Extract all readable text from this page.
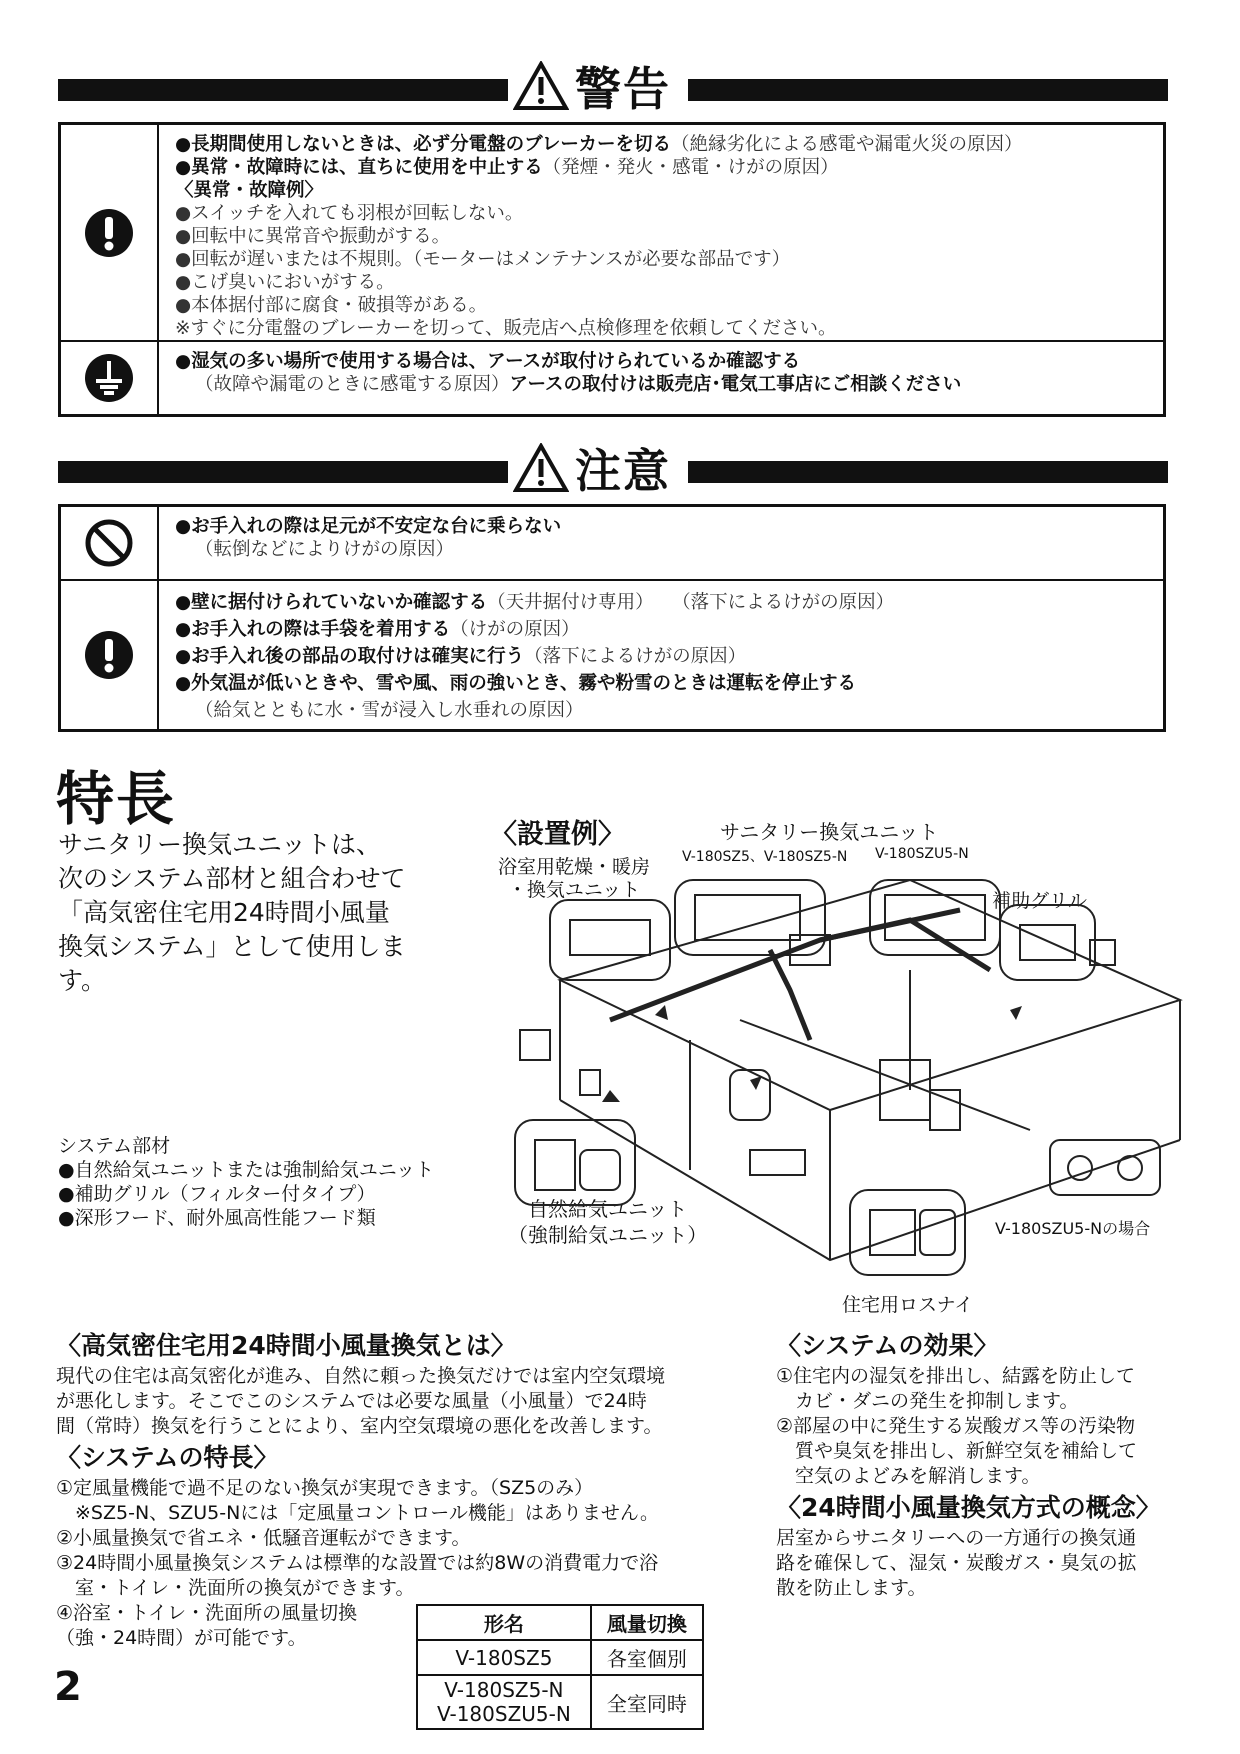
警告
●長期間使用しないときは、必ず分電盤のブレーカーを切る（絶縁劣化による感電や漏電火災の原因）
●異常・故障時には、直ちに使用を中止する（発煙・発火・感電・けがの原因）
〈異常・故障例〉
●スイッチを入れても羽根が回転しない。
●回転中に異常音や振動がする。
●回転が遅いまたは不規則。（モーターはメンテナンスが必要な部品です）
●こげ臭いにおいがする。
●本体据付部に腐食・破損等がある。
※すぐに分電盤のブレーカーを切って、販売店へ点検修理を依頼してください。
●湿気の多い場所で使用する場合は、アースが取付けられているか確認する
（故障や漏電のときに感電する原因）アースの取付けは販売店･電気工事店にご相談ください
注意
●お手入れの際は足元が不安定な台に乗らない
（転倒などによりけがの原因）
●壁に据付けられていないか確認する（天井据付け専用）　　（落下によるけがの原因）
●お手入れの際は手袋を着用する（けがの原因）
●お手入れ後の部品の取付けは確実に行う（落下によるけがの原因）
●外気温が低いときや、雪や風、雨の強いとき、霧や粉雪のときは運転を停止する
（給気とともに水・雪が浸入し水垂れの原因）
特長
サニタリー換気ユニットは、
次のシステム部材と組合わせて
「高気密住宅用24時間小風量
換気システム」として使用しま
す。
システム部材
●自然給気ユニットまたは強制給気ユニット
●補助グリル（フィルター付タイプ）
●深形フード、耐外風高性能フード類
〈設置例〉	サニタリー換気ユニット
V-180SZ5、V-180SZ5-N V-180SZU5-N
浴室用乾燥・暖房
・換気ユニット	補助グリル
自然給気ユニット
（強制給気ユニット）	V-180SZU5-Nの場合
住宅用ロスナイ
〈高気密住宅用24時間小風量換気とは〉
現代の住宅は高気密化が進み、自然に頼った換気だけでは室内空気環境
が悪化します。そこでこのシステムでは必要な風量（小風量）で24時
間（常時）換気を行うことにより、室内空気環境の悪化を改善します。
〈システムの特長〉
①定風量機能で過不足のない換気が実現できます。（SZ5のみ）
　※SZ5-N、SZU5-Nには「定風量コントロール機能」はありません。
②小風量換気で省エネ・低騒音運転ができます。
③24時間小風量換気システムは標準的な設置では約8Wの消費電力で浴
　室・トイレ・洗面所の換気ができます。
④浴室・トイレ・洗面所の風量切換
（強・24時間）が可能です。
〈システムの効果〉
①住宅内の湿気を排出し、結露を防止して
　カビ・ダニの発生を抑制します。
②部屋の中に発生する炭酸ガス等の汚染物
　質や臭気を排出し、新鮮空気を補給して
　空気のよどみを解消します。
〈24時間小風量換気方式の概念〉
居室からサニタリーへの一方通行の換気通
路を確保して、湿気・炭酸ガス・臭気の拡
散を防止します。
形名	風量切換
V-180SZ5	各室個別

V-180SZ5-N
V-180SZU5-N	全室同時
2
